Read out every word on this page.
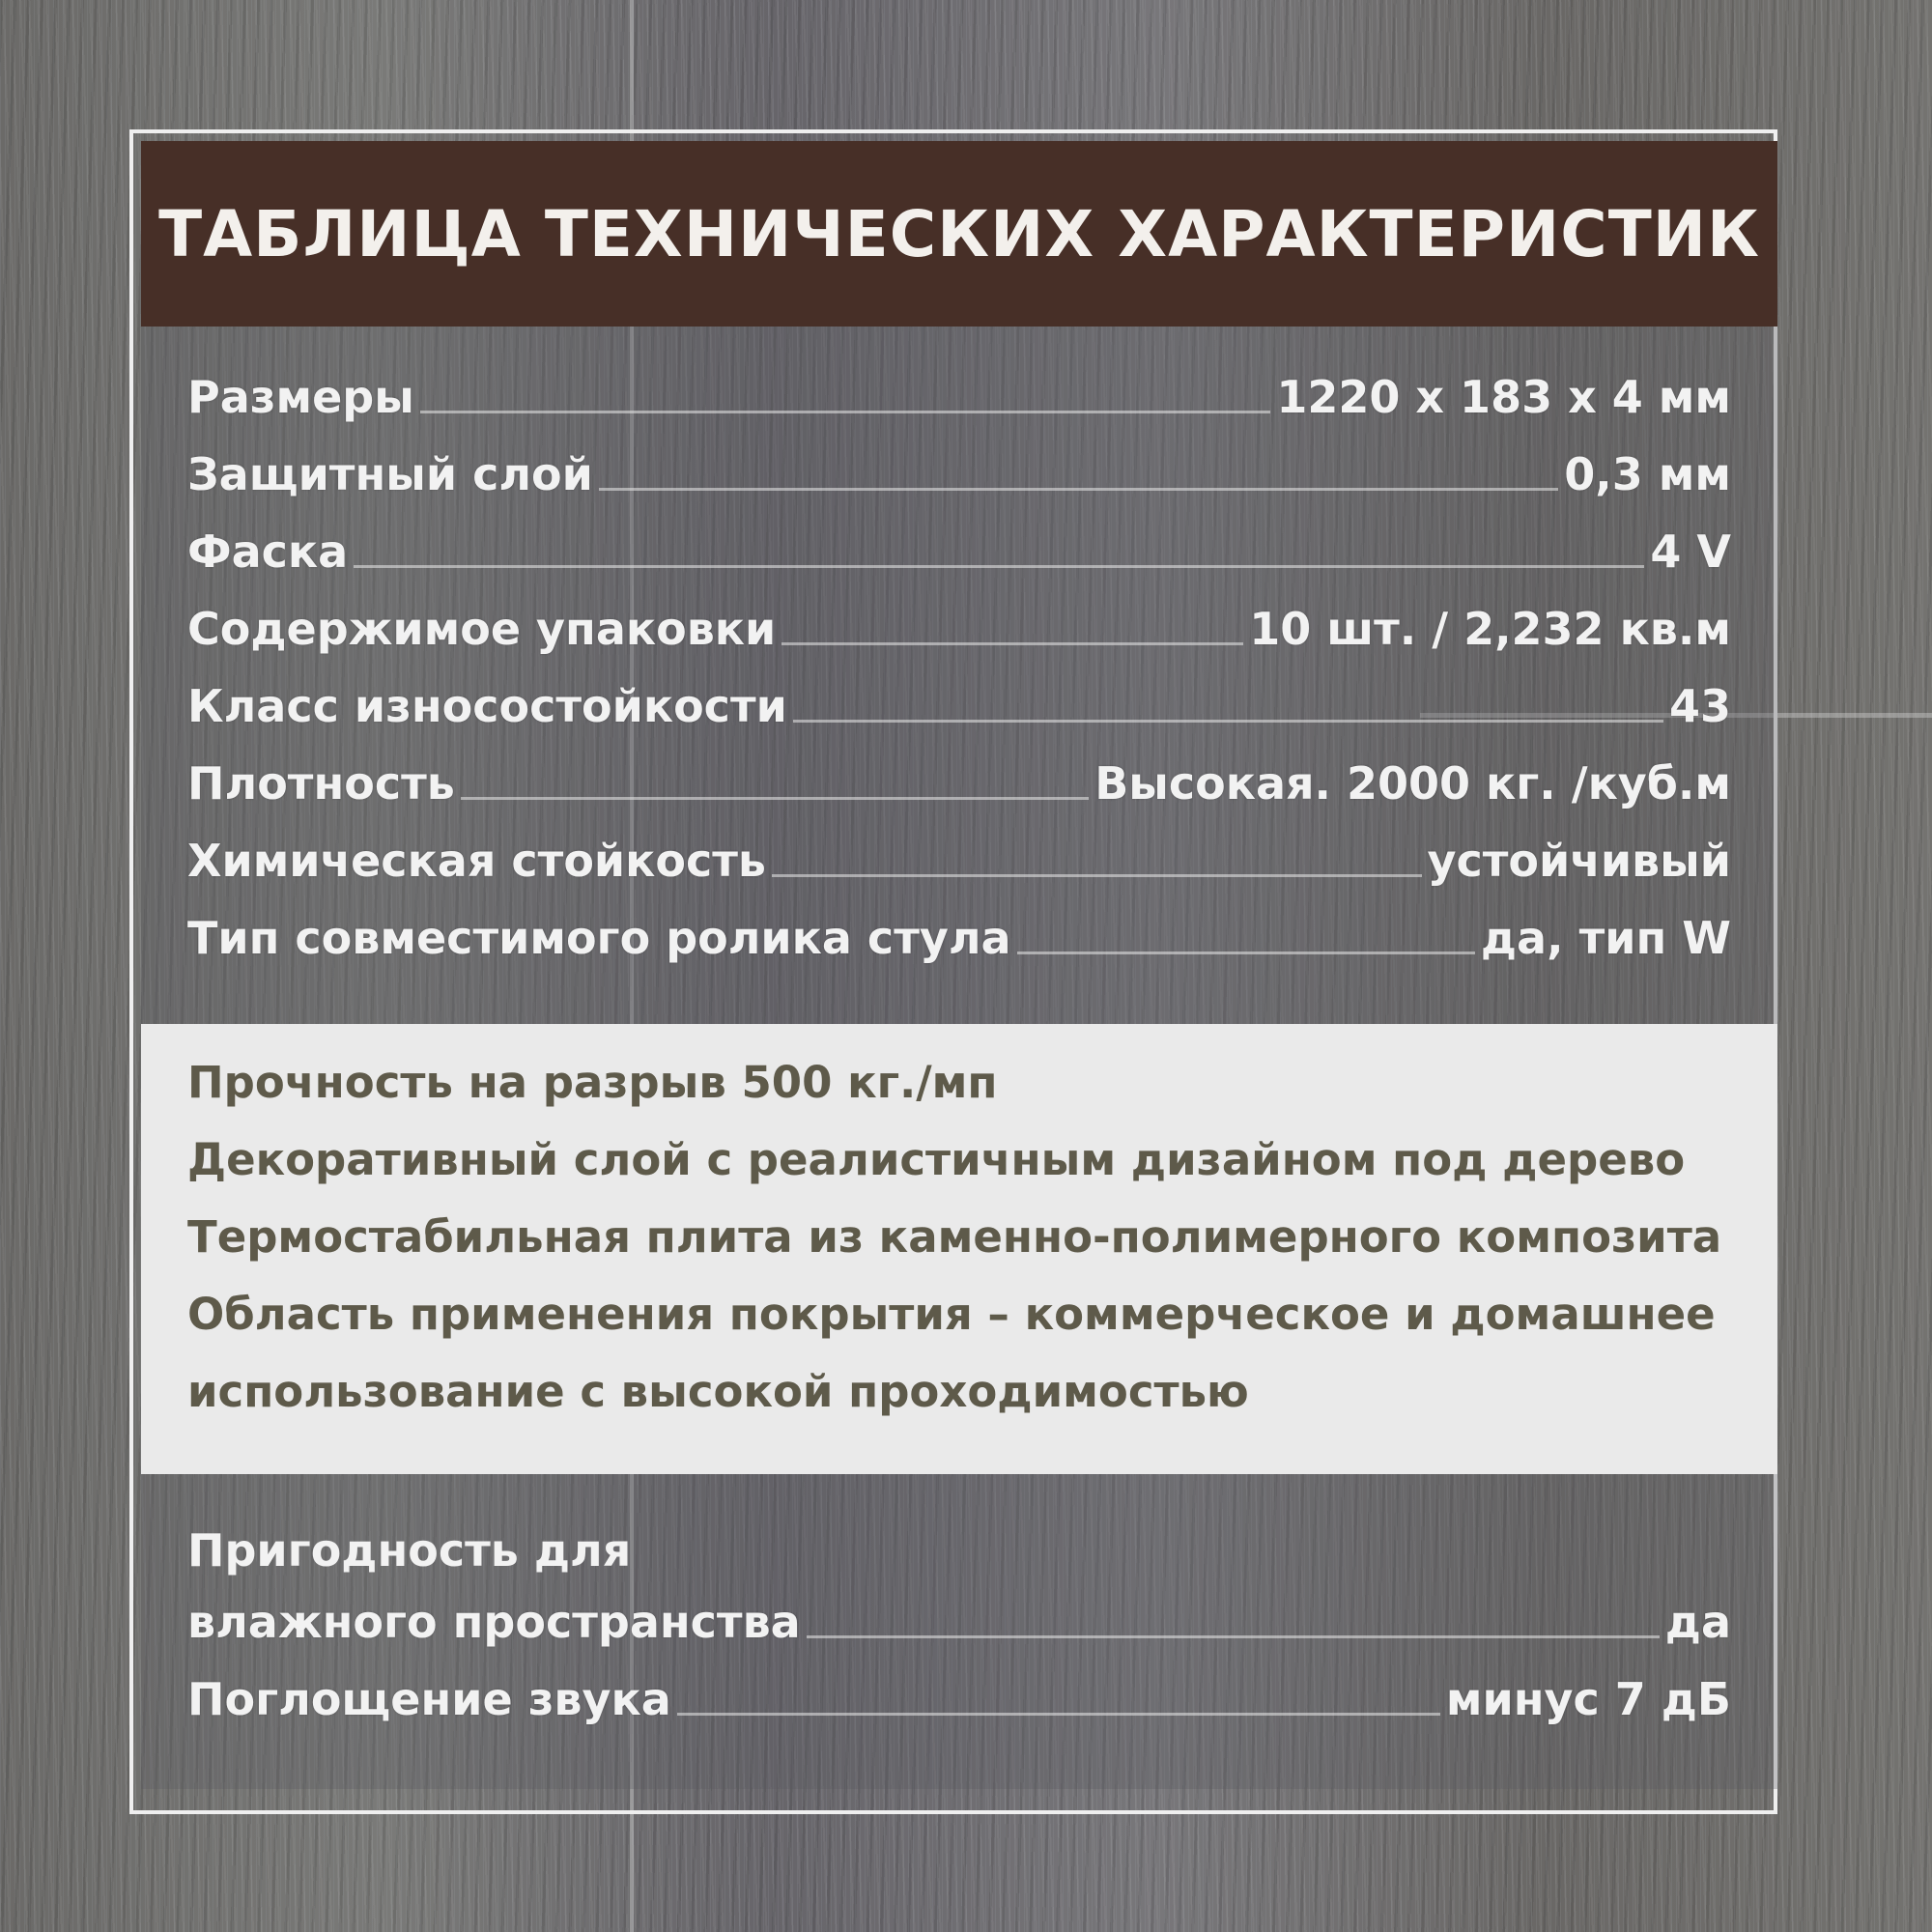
ТАБЛИЦА ТЕХНИЧЕСКИХ ХАРАКТЕРИСТИК
Размеры	1220 x 183 x 4 мм
Защитный слой	0,3 мм
Фаска	4 V
Содержимое упаковки	10 шт. / 2,232 кв.м
Класс износостойкости	43
Плотность	Высокая. 2000 кг. /куб.м
Химическая стойкость	устойчивый
Тип совместимого ролика стула	да, тип W
Прочность на разрыв 500 кг./мп
Декоративный слой с реалистичным дизайном под дерево
Термостабильная плита из каменно-полимерного композита
Область применения покрытия – коммерческое и домашнее
использование с высокой проходимостью
Пригодность для
влажного пространства	да
Поглощение звука	минус 7 дБ
